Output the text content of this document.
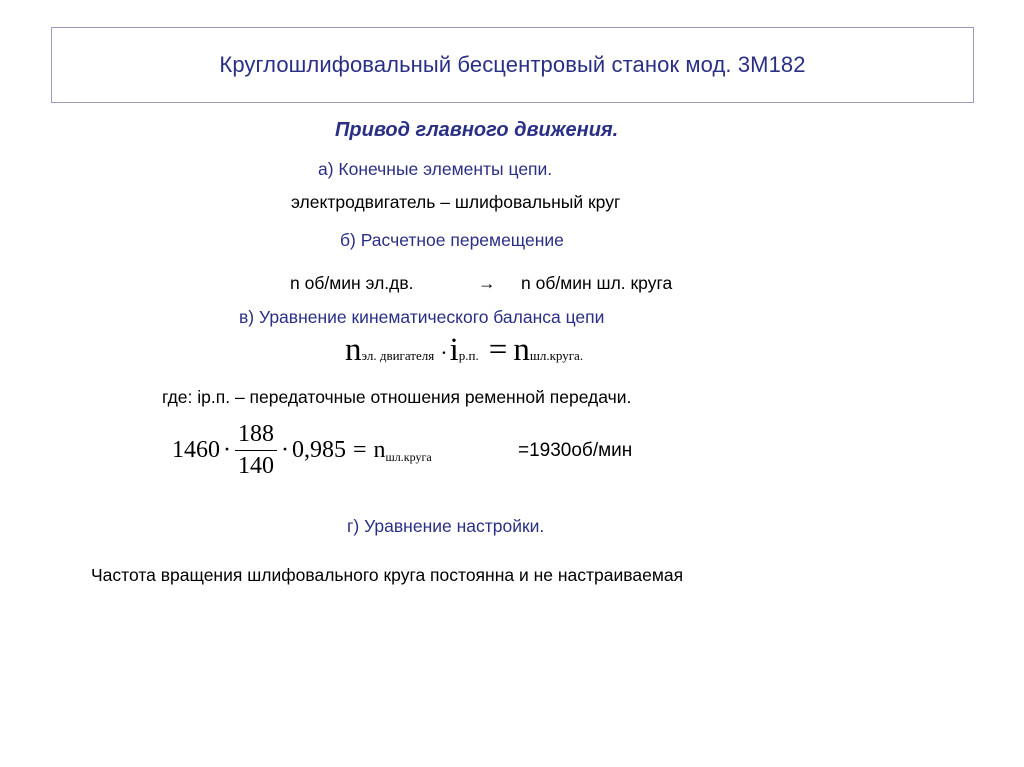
Круглошлифовальный бесцентровый станок мод. 3М182
Привод главного движения.
а) Конечные элементы цепи.
электродвигатель – шлифовальный круг
б) Расчетное перемещение
n об/мин эл.дв.	→ n об/мин шл. круга
в) Уравнение кинематического баланса цепи
nэл. двигателя ·iр.п. = nшл.круга.
где: iр.п. – передаточные отношения ременной передачи.
$1460 \cdot \frac{188}{140} \cdot 0,985 = n$ шл.круга	=1930об/мин
г) Уравнение настройки.
Частота вращения шлифовального круга постоянна и не настраиваемая
